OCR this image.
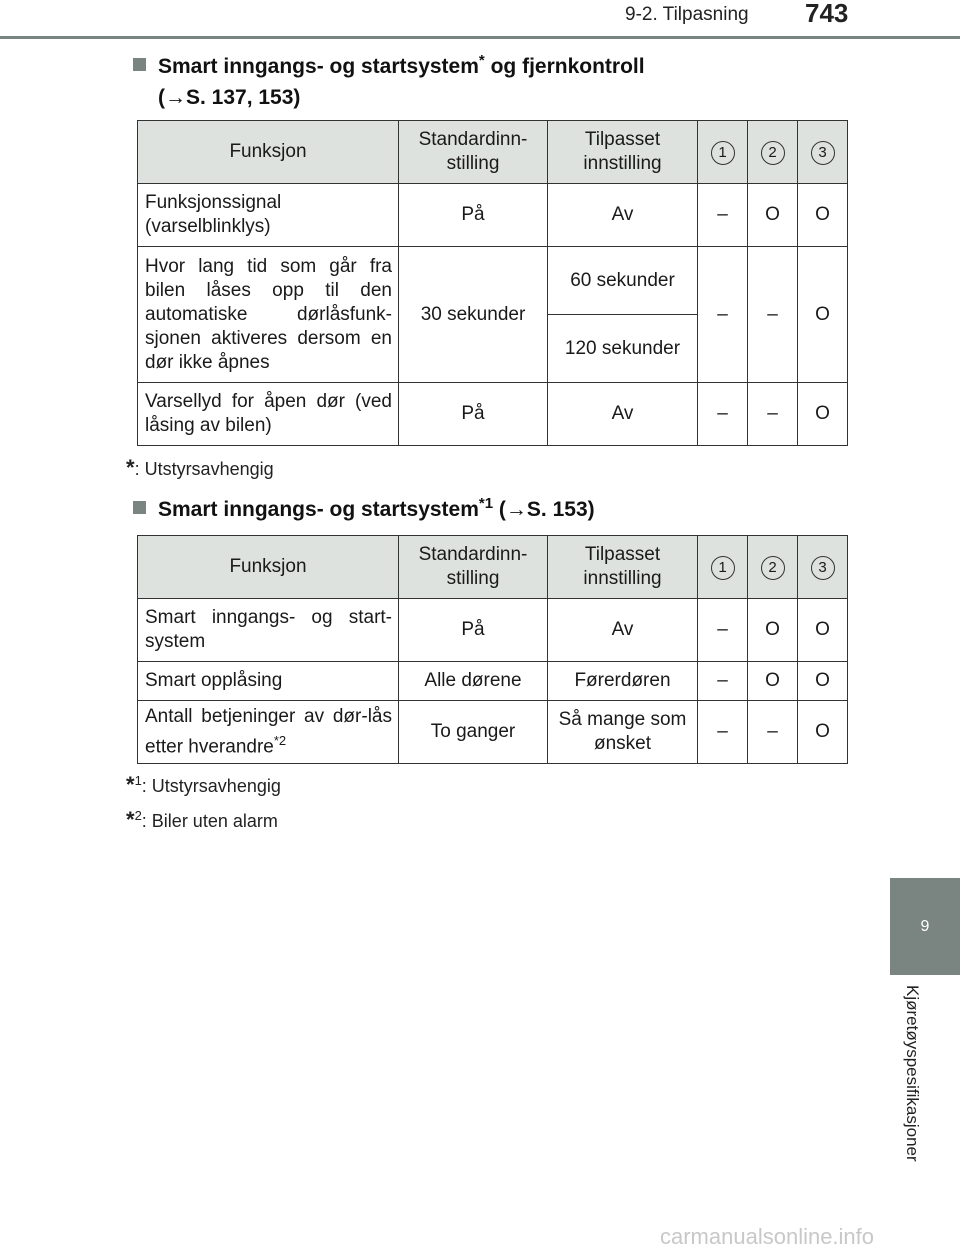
9-2. Tilpasning 743
9
Kjøretøyspesifikasjoner
Smart inngangs- og startsystem* og fjernkontroll
(→S. 137, 153)
Funksjon	Standardinn-stilling	Tilpasset innstilling	1	2	3
Funksjonssignal (varselblinklys)	På	Av	–	O	O
Hvor lang tid som går fra bilen låses opp til den automatiske dørlåsfunk-sjonen aktiveres dersom en dør ikke åpnes	30 sekunder	60 sekunder	–	–	O
		120 sekunder			
Varsellyd for åpen dør (ved låsing av bilen)	På	Av	–	–	O
*: Utstyrsavhengig
Smart inngangs- og startsystem$^{*1}$ (→S. 153)
Funksjon	Standardinn-stilling	Tilpasset innstilling	1	2	3
Smart inngangs- og start-system	På	Av	–	O	O
Smart opplåsing	Alle dørene	Førerdøren	–	O	O
Antall betjeninger av dør-lås etter hverandre$^{*2}$	To ganger	Så mange som ønsket	–	–	O
*$^1$: Utstyrsavhengig
*$^2$: Biler uten alarm
carmanualsonline.info
